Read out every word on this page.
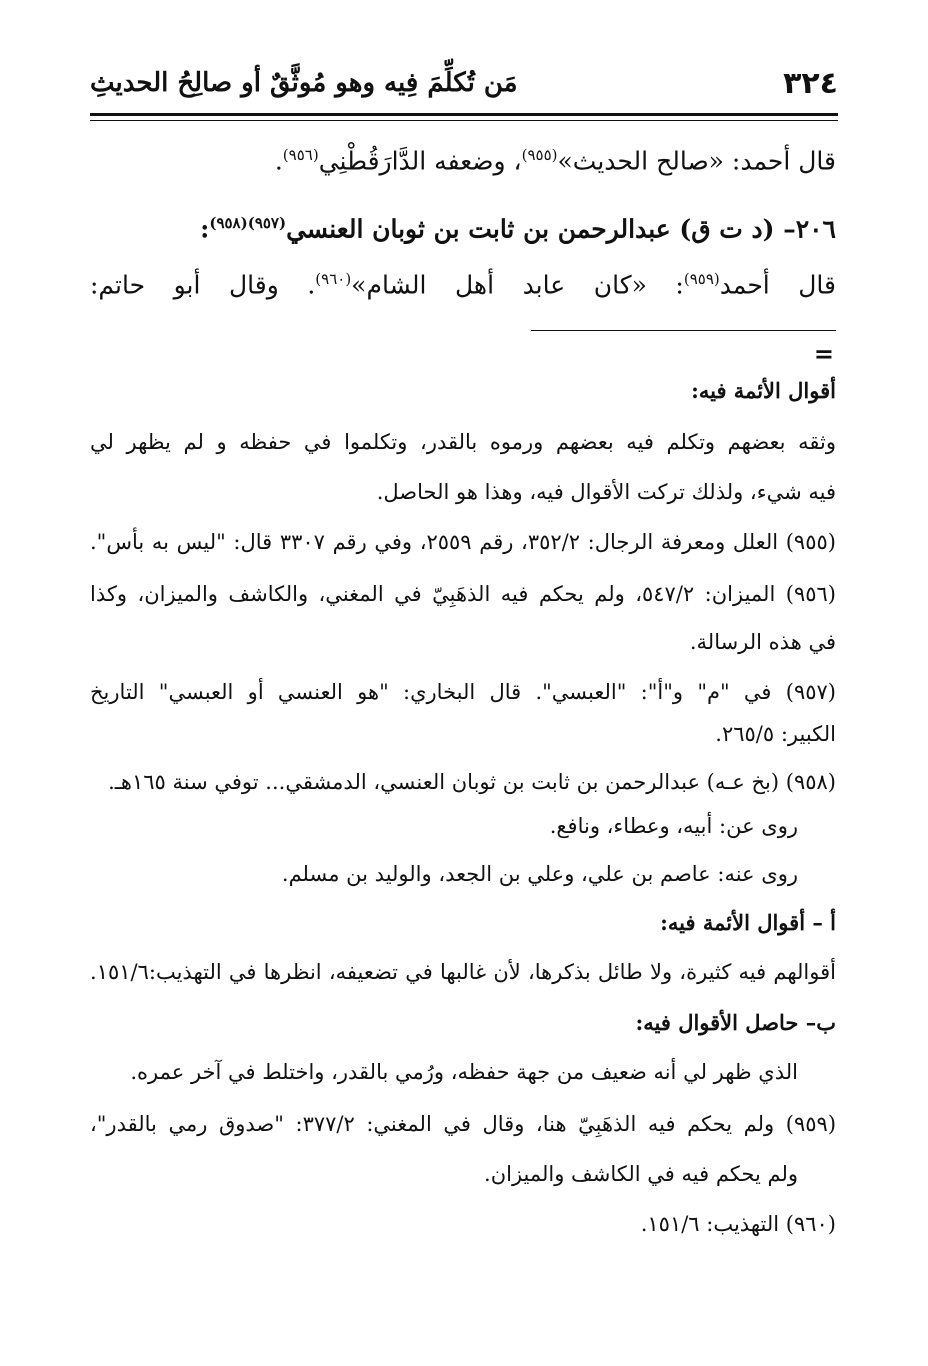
٣٢٤
مَن تُكلِّمَ فِيه وهو مُوثَّقٌ أو صالِحُ الحديثِ
قال أحمد: «صالح الحديث»$^{(٩٥٥)}$، وضعفه الدَّارَقُطْنِي$^{(٩٥٦)}$.
٢٠٦– (د ت ق) عبدالرحمن بن ثابت بن ثوبان العنسي$^{(٩٥٧)(٩٥٨)}$:
قال أحمد$^{(٩٥٩)}$: «كان عابد أهل الشام»$^{(٩٦٠)}$. وقال أبو حاتم:
=
أقوال الأئمة فيه:
وثقه بعضهم وتكلم فيه بعضهم ورموه بالقدر، وتكلموا في حفظه و لم يظهر لي
فيه شيء، ولذلك تركت الأقوال فيه، وهذا هو الحاصل.
(٩٥٥) العلل ومعرفة الرجال: ٣٥٢/٢، رقم ٢٥٥٩، وفي رقم ٣٣٠٧ قال: "ليس به بأس".
(٩٥٦) الميزان: ٥٤٧/٢، ولم يحكم فيه الذهَبِيّ في المغني، والكاشف والميزان، وكذا
في هذه الرسالة.
(٩٥٧) في "م" و"أ": "العبسي". قال البخاري: "هو العنسي أو العبسي" التاريخ
الكبير: ٢٦٥/٥.
(٩٥٨) (بخ عـه) عبدالرحمن بن ثابت بن ثوبان العنسي، الدمشقي... توفي سنة ١٦٥هـ.
روى عن: أبيه، وعطاء، ونافع.
روى عنه: عاصم بن علي، وعلي بن الجعد، والوليد بن مسلم.
أ – أقوال الأئمة فيه:
أقوالهم فيه كثيرة، ولا طائل بذكرها، لأن غالبها في تضعيفه، انظرها في التهذيب:١٥١/٦.
ب– حاصل الأقوال فيه:
الذي ظهر لي أنه ضعيف من جهة حفظه، ورُمي بالقدر، واختلط في آخر عمره.
(٩٥٩) ولم يحكم فيه الذهَبِيّ هنا، وقال في المغني: ٣٧٧/٢: "صدوق رمي بالقدر"،
ولم يحكم فيه في الكاشف والميزان.
(٩٦٠) التهذيب: ١٥١/٦.
